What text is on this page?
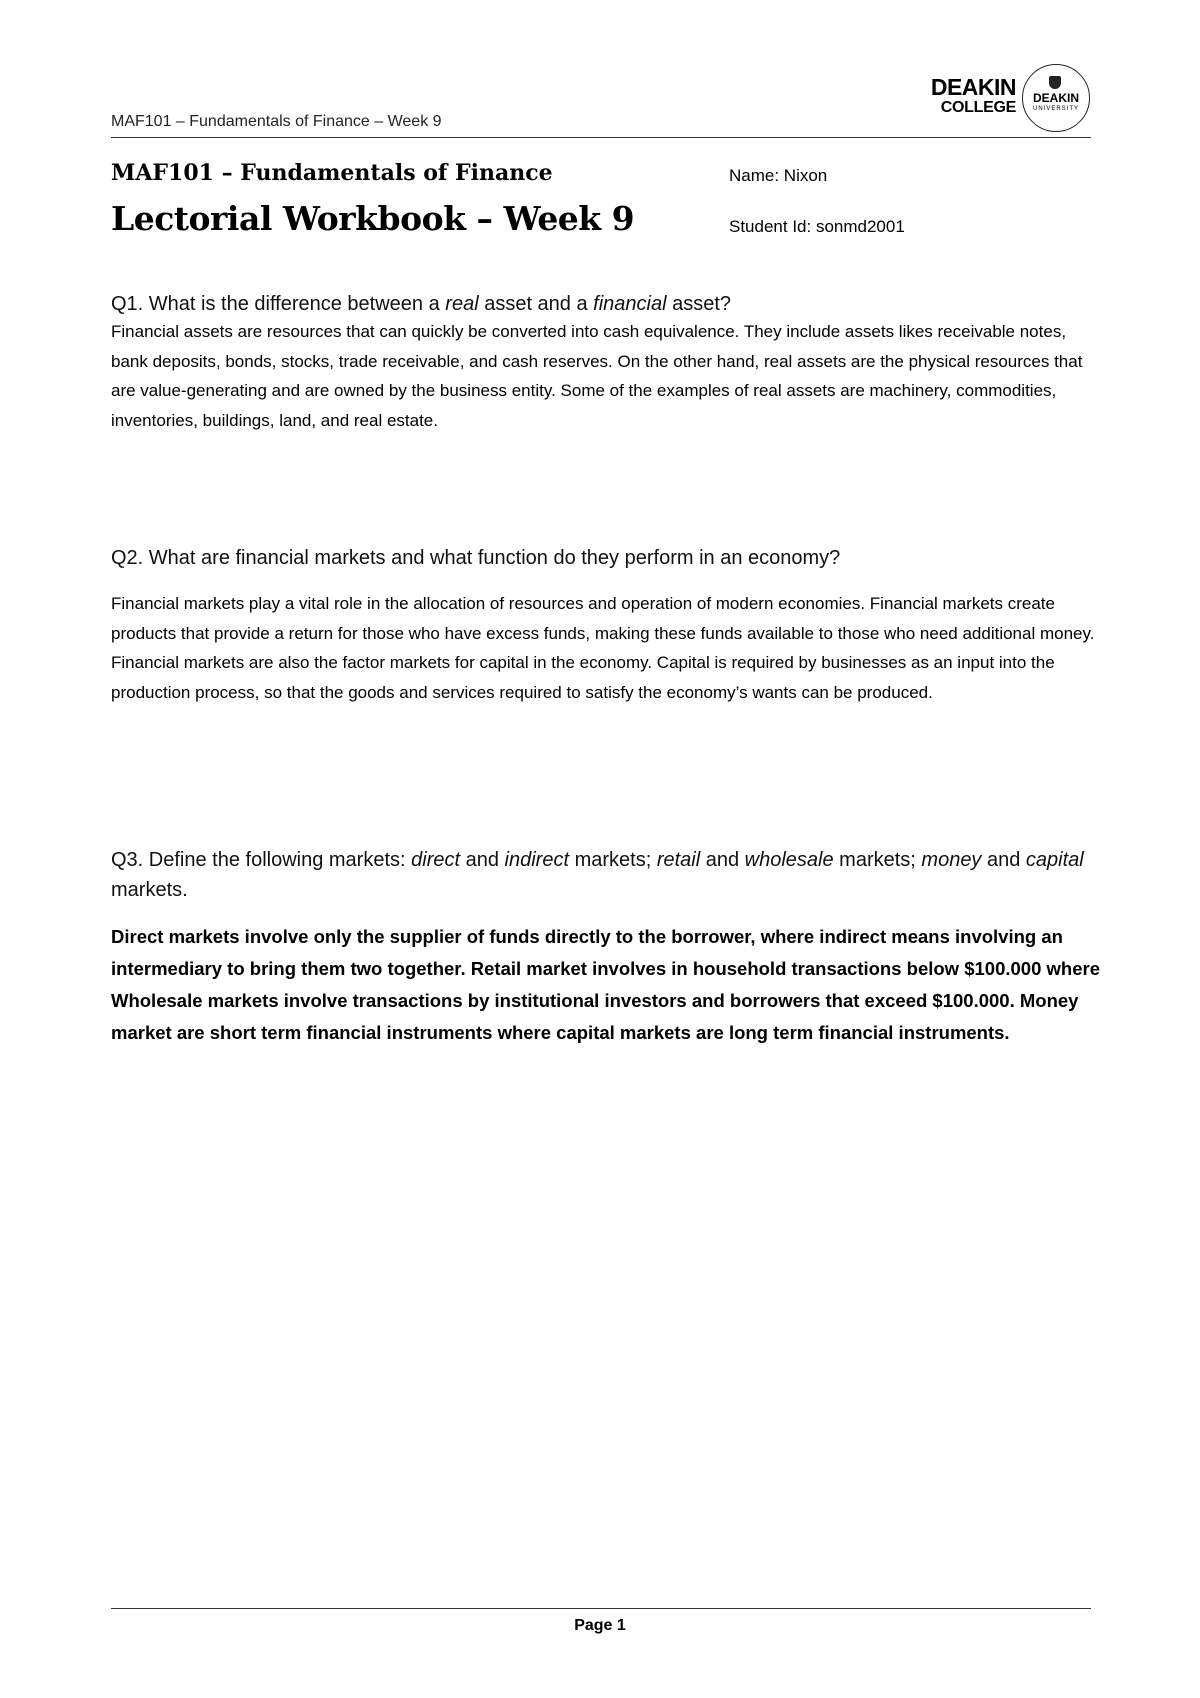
MAF101 – Fundamentals of Finance – Week 9
DEAKIN
COLLEGE
DEAKIN
UNIVERSITY
MAF101 – Fundamentals of Finance
Lectorial Workbook – Week 9
Name: Nixon
Student Id: sonmd2001
Q1. What is the difference between a real asset and a financial asset?
Financial assets are resources that can quickly be converted into cash equivalence. They include assets likes receivable notes, bank deposits, bonds, stocks, trade receivable, and cash reserves. On the other hand, real assets are the physical resources that are value-generating and are owned by the business entity. Some of the examples of real assets are machinery, commodities, inventories, buildings, land, and real estate.
Q2. What are financial markets and what function do they perform in an economy?
Financial markets play a vital role in the allocation of resources and operation of modern economies. Financial markets create products that provide a return for those who have excess funds, making these funds available to those who need additional money. Financial markets are also the factor markets for capital in the economy. Capital is required by businesses as an input into the production process, so that the goods and services required to satisfy the economy’s wants can be produced.
Q3. Define the following markets: direct and indirect markets; retail and wholesale markets; money and capital markets.
Direct markets involve only the supplier of funds directly to the borrower, where indirect means involving an intermediary to bring them two together. Retail market involves in household transactions below $100.000 where Wholesale markets involve transactions by institutional investors and borrowers that exceed $100.000. Money market are short term financial instruments where capital markets are long term financial instruments.
Page 1
